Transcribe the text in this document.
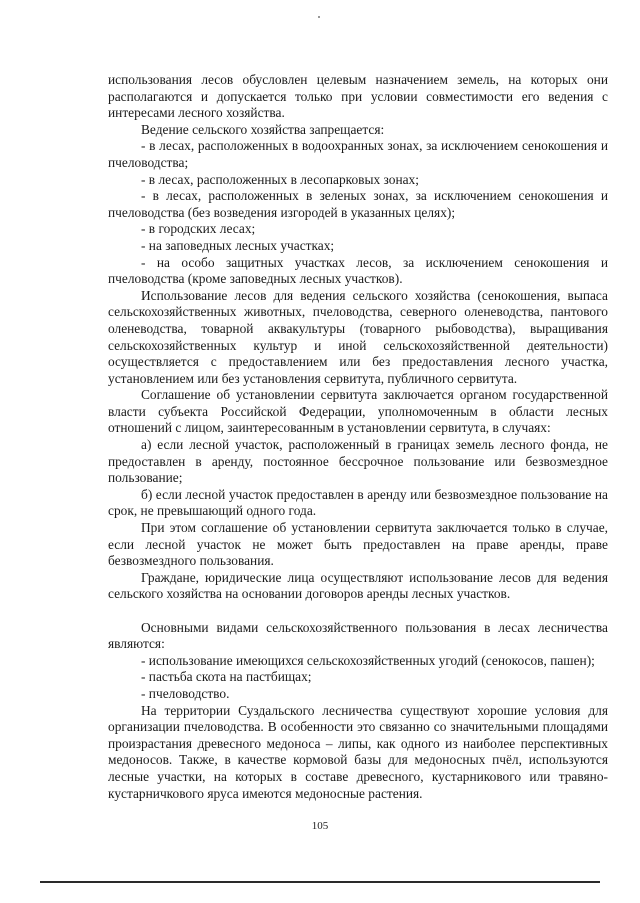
использования лесов обусловлен целевым назначением земель, на которых они располагаются и допускается только при условии совместимости его ведения с интересами лесного хозяйства.

Ведение сельского хозяйства запрещается:

- в лесах, расположенных в водоохранных зонах, за исключением сенокошения и пчеловодства;

- в лесах, расположенных в лесопарковых зонах;

- в лесах, расположенных в зеленых зонах, за исключением сенокошения и пчеловодства (без возведения изгородей в указанных целях);

- в городских лесах;

- на заповедных лесных участках;

- на особо защитных участках лесов, за исключением сенокошения и пчеловодства (кроме заповедных лесных участков).

Использование лесов для ведения сельского хозяйства (сенокошения, выпаса сельскохозяйственных животных, пчеловодства, северного оленеводства, пантового оленеводства, товарной аквакультуры (товарного рыбоводства), выращивания сельскохозяйственных культур и иной сельскохозяйственной деятельности) осуществляется с предоставлением или без предоставления лесного участка, установлением или без установления сервитута, публичного сервитута.

Соглашение об установлении сервитута заключается органом государственной власти субъекта Российской Федерации, уполномоченным в области лесных отношений с лицом, заинтересованным в установлении сервитута, в случаях:

а) если лесной участок, расположенный в границах земель лесного фонда, не предоставлен в аренду, постоянное бессрочное пользование или безвозмездное пользование;

б) если лесной участок предоставлен в аренду или безвозмездное пользование на срок, не превышающий одного года.

При этом соглашение об установлении сервитута заключается только в случае, если лесной участок не может быть предоставлен на праве аренды, праве безвозмездного пользования.

Граждане, юридические лица осуществляют использование лесов для ведения сельского хозяйства на основании договоров аренды лесных участков.

Основными видами сельскохозяйственного пользования в лесах лесничества являются:

- использование имеющихся сельскохозяйственных угодий (сенокосов, пашен);

- пастьба скота на пастбищах;

- пчеловодство.

На территории Суздальского лесничества существуют хорошие условия для организации пчеловодства. В особенности это связанно со значительными площадями произрастания древесного медоноса – липы, как одного из наиболее перспективных медоносов. Также, в качестве кормовой базы для медоносных пчёл, используются лесные участки, на которых в составе древесного, кустарникового или травяно-кустарничкового яруса имеются медоносные растения.

105
